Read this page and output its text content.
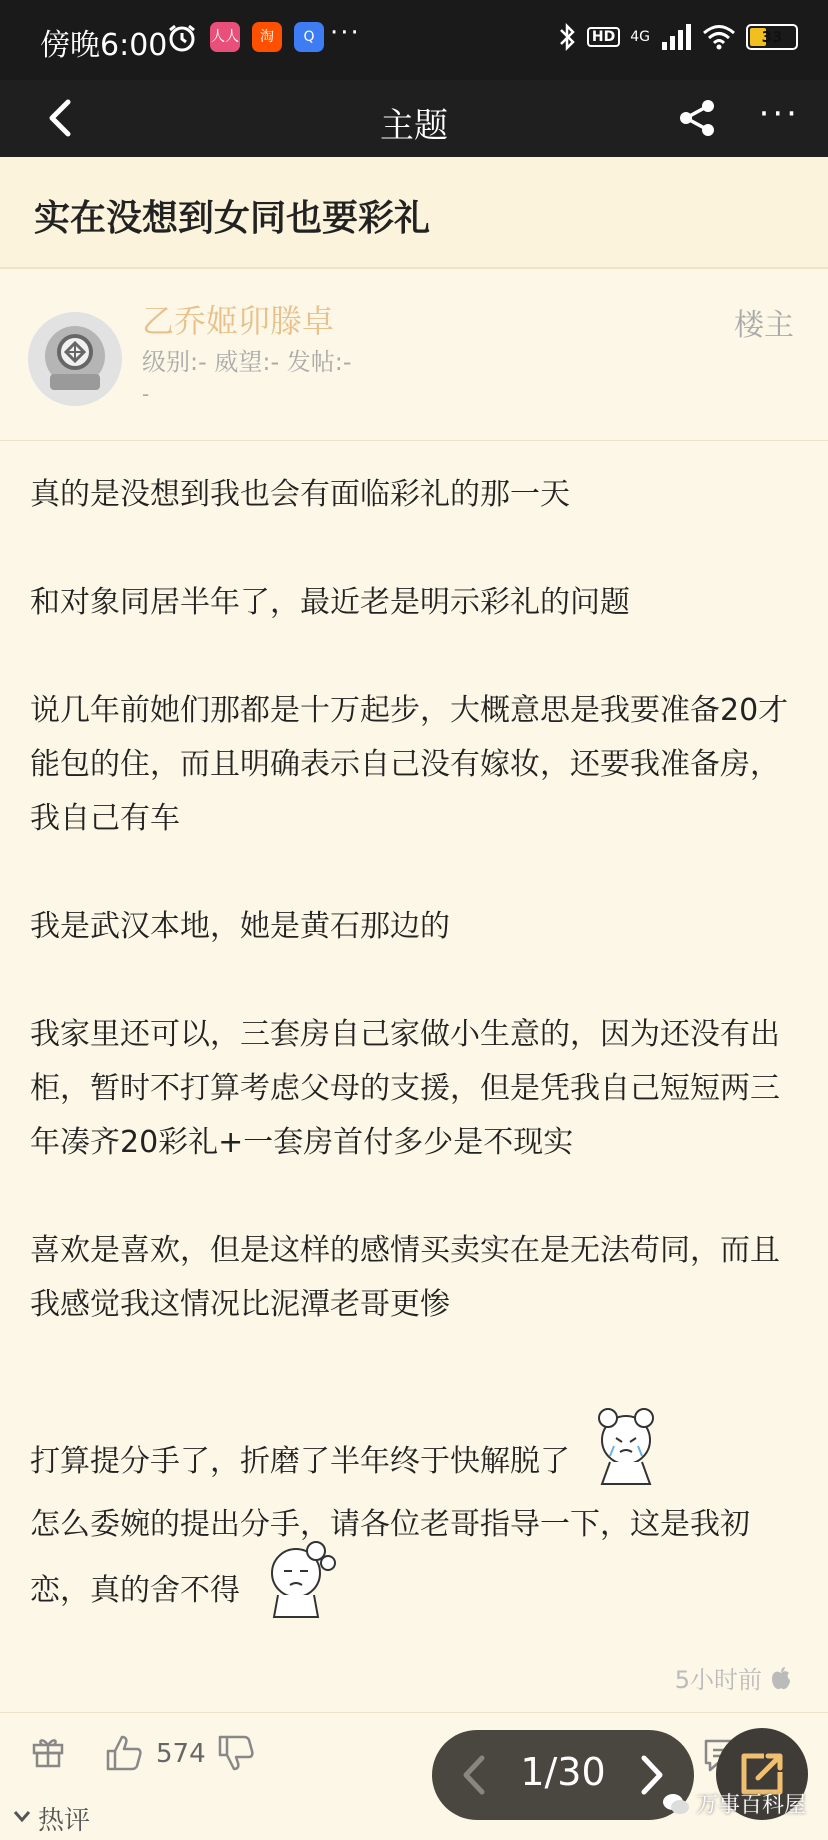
傍晚6:00	人人	淘	Q ···	HD	4G	33
主题	···
实在没想到女同也要彩礼
乙乔姬卯滕卓
级别:- 威望:- 发帖:-
-
楼主

真的是没想到我也会有面临彩礼的那一天

和对象同居半年了，最近老是明示彩礼的问题

说几年前她们那都是十万起步，大概意思是我要准备20才能包的住，而且明确表示自己没有嫁妆，还要我准备房，我自己有车

我是武汉本地，她是黄石那边的

我家里还可以，三套房自己家做小生意的，因为还没有出柜，暂时不打算考虑父母的支援，但是凭我自己短短两三年凑齐20彩礼+一套房首付多少是不现实

喜欢是喜欢，但是这样的感情买卖实在是无法苟同，而且我感觉我这情况比泥潭老哥更惨

打算提分手了，折磨了半年终于快解脱了

怎么委婉的提出分手，请各位老哥指导一下，这是我初恋，真的舍不得

5小时前
574
热评
1/30
万事百科屋
